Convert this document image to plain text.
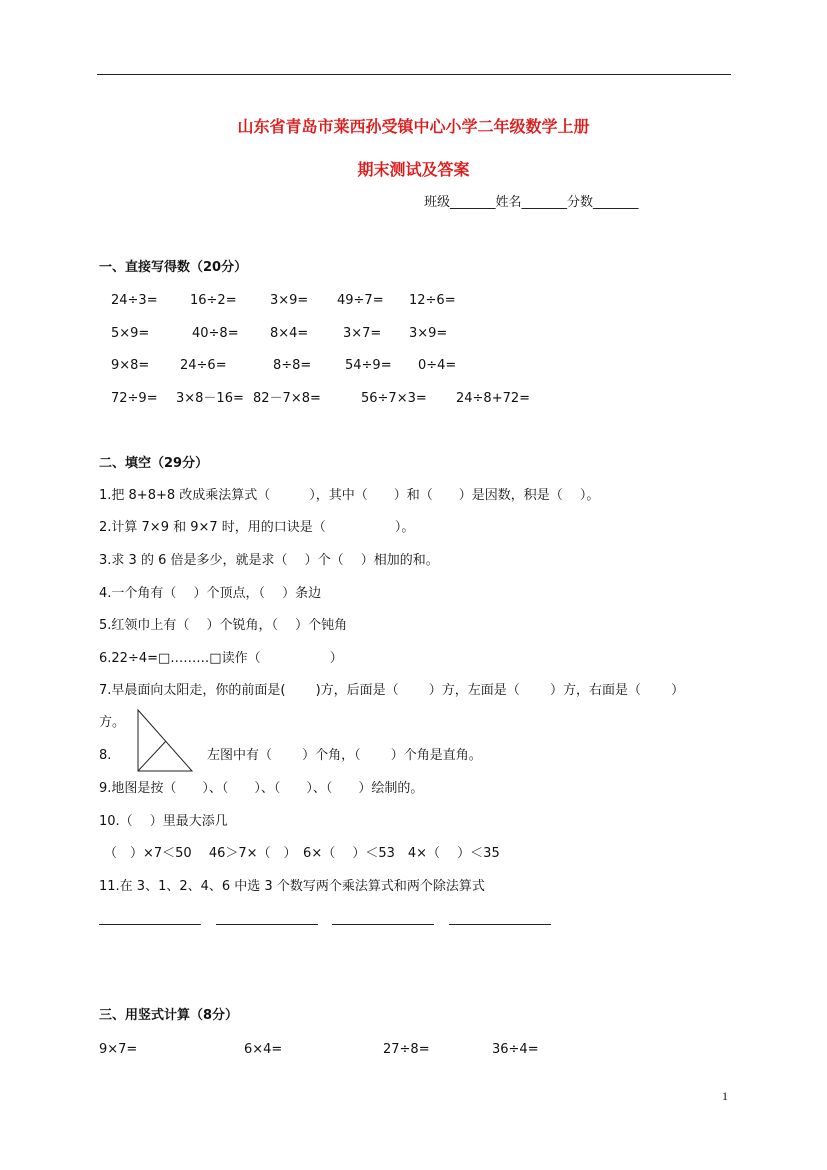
山东省青岛市莱西孙受镇中心小学二年级数学上册
期末测试及答案
班级_______姓名_______分数_______
一、直接写得数（20分）
24÷3= 16÷2=	3×9= 49÷7= 12÷6=
5×9=	40÷8= 8×4=	3×7= 3×9=
9×8= 24÷6=	8÷8=	54÷9= 0÷4=
72÷9= 3×8－16= 82－7×8=	56÷7×3= 24÷8+72=
二、填空（29分）
1.把 8+8+8 改成乘法算式（　　　），其中（　　）和（　　）是因数，积是（　 ）。
2.计算 7×9 和 9×7 时，用的口诀是（　　　　　 ）。
3.求 3 的 6 倍是多少，就是求（　 ）个（　 ）相加的和。
4.一个角有（　 ）个顶点，（　 ）条边
5.红领巾上有（　 ）个锐角，（　 ）个钝角
6.22÷4=□………□读作（　　　　　 ）
7.早晨面向太阳走，你的前面是(　　 )方，后面是（　　 ）方，左面是（　　 ）方，右面是（　　 ）
方。
8.	左图中有（　　 ）个角，（　　 ）个角是直角。
9.地图是按（　　）、（　　）、（　　）、（　　）绘制的。
10.（　 ）里最大添几
（　）×7＜50　 46＞7×（　）　6×（　 ）＜53　4×（　 ）＜35
11.在 3、1、2、4、6 中选 3 个数写两个乘法算式和两个除法算式
三、用竖式计算（8分）
9×7=	6×4=	27÷8=	36÷4=
1
